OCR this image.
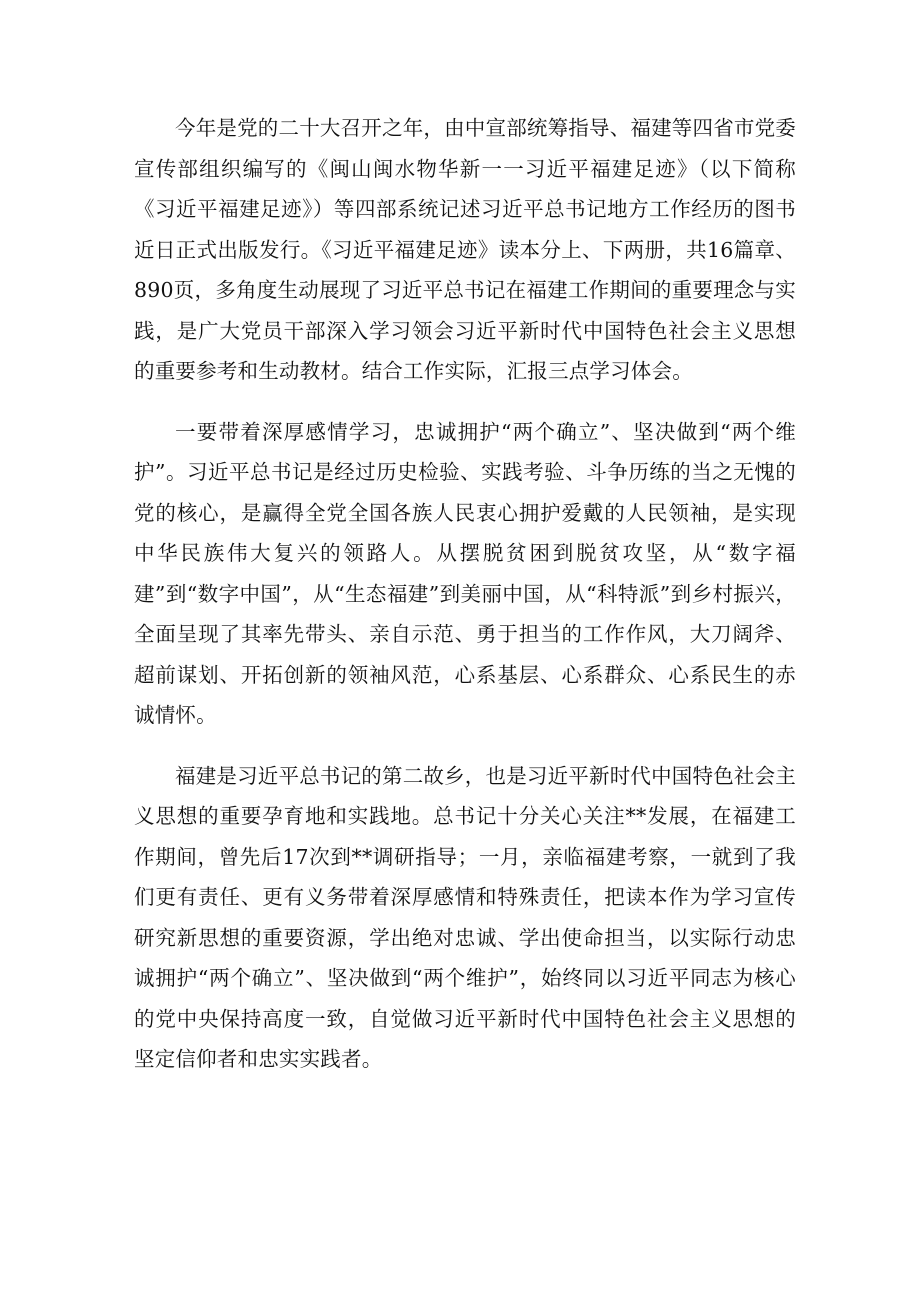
今年是党的二十大召开之年，由中宣部统筹指导、福建等四省市党委宣传部组织编写的《闽山闽水物华新一一习近平福建足迹》（以下简称《习近平福建足迹》）等四部系统记述习近平总书记地方工作经历的图书近日正式出版发行。《习近平福建足迹》读本分上、下两册，共16篇章、890页，多角度生动展现了习近平总书记在福建工作期间的重要理念与实践，是广大党员干部深入学习领会习近平新时代中国特色社会主义思想的重要参考和生动教材。结合工作实际，汇报三点学习体会。

一要带着深厚感情学习，忠诚拥护“两个确立”、坚决做到“两个维护”。习近平总书记是经过历史检验、实践考验、斗争历练的当之无愧的党的核心，是赢得全党全国各族人民衷心拥护爱戴的人民领袖，是实现中华民族伟大复兴的领路人。从摆脱贫困到脱贫攻坚，从“数字福建”到“数字中国”，从“生态福建”到美丽中国，从“科特派”到乡村振兴，全面呈现了其率先带头、亲自示范、勇于担当的工作作风，大刀阔斧、超前谋划、开拓创新的领袖风范，心系基层、心系群众、心系民生的赤诚情怀。

福建是习近平总书记的第二故乡，也是习近平新时代中国特色社会主义思想的重要孕育地和实践地。总书记十分关心关注**发展，在福建工作期间，曾先后17次到**调研指导；一月，亲临福建考察，一就到了我们更有责任、更有义务带着深厚感情和特殊责任，把读本作为学习宣传研究新思想的重要资源，学出绝对忠诚、学出使命担当，以实际行动忠诚拥护“两个确立”、坚决做到“两个维护”，始终同以习近平同志为核心的党中央保持高度一致，自觉做习近平新时代中国特色社会主义思想的坚定信仰者和忠实实践者。
